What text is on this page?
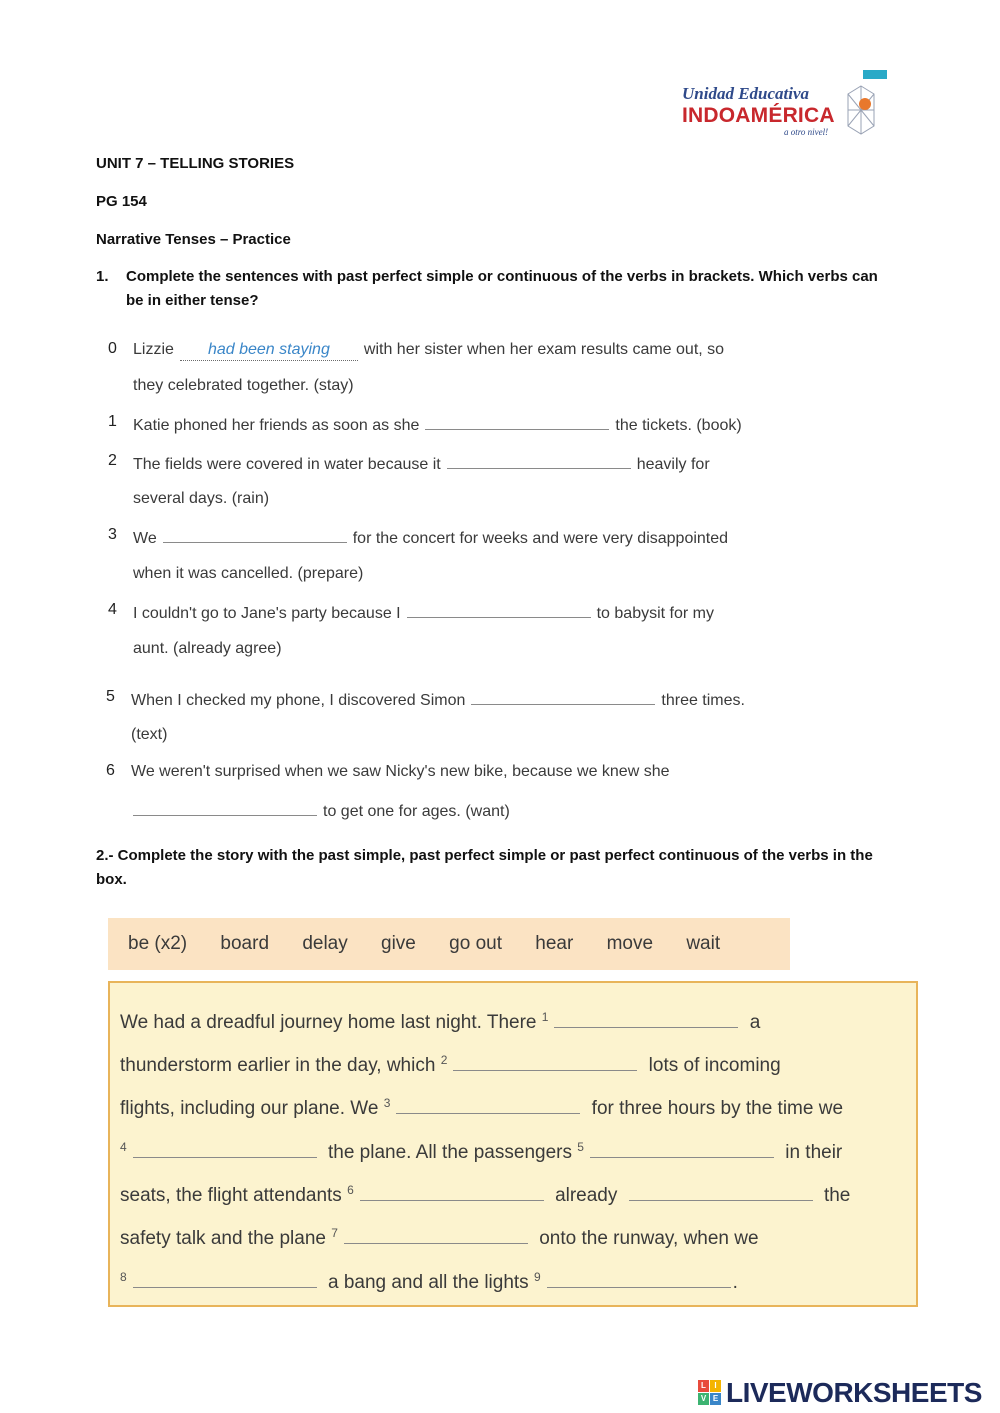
Unidad Educativa
INDOAMÉRICA
a otro nivel!
UNIT 7 – TELLING STORIES
PG 154
Narrative Tenses – Practice
1. Complete the sentences with past perfect simple or continuous of the verbs in brackets. Which verbs can
be in either tense?
0 Lizzie had been staying with her sister when her exam results came out, so
they celebrated together. (stay)
1 Katie phoned her friends as soon as she	the tickets. (book)
2 The fields were covered in water because it	heavily for
several days. (rain)
3 We	for the concert for weeks and were very disappointed
when it was cancelled. (prepare)
4 I couldn't go to Jane's party because I	to babysit for my
aunt. (already agree)
5 When I checked my phone, I discovered Simon	three times.
(text)
6 We weren't surprised when we saw Nicky's new bike, because we knew she
to get one for ages. (want)
2.- Complete the story with the past simple, past perfect simple or past perfect continuous of the verbs in the
box.
be (x2) board delay give go out hear move wait
We had a dreadful journey home last night. There $^1$	a
thunderstorm earlier in the day, which $^2$	lots of incoming
flights, including our plane. We $^3$	for three hours by the time we
$^4$	the plane. All the passengers $^5$	in their
seats, the flight attendants $^6$	already	the
safety talk and the plane $^7$	onto the runway, when we
$^8$	a bang and all the lights $^9$	.
L	I
V E LIVEWORKSHEETS
